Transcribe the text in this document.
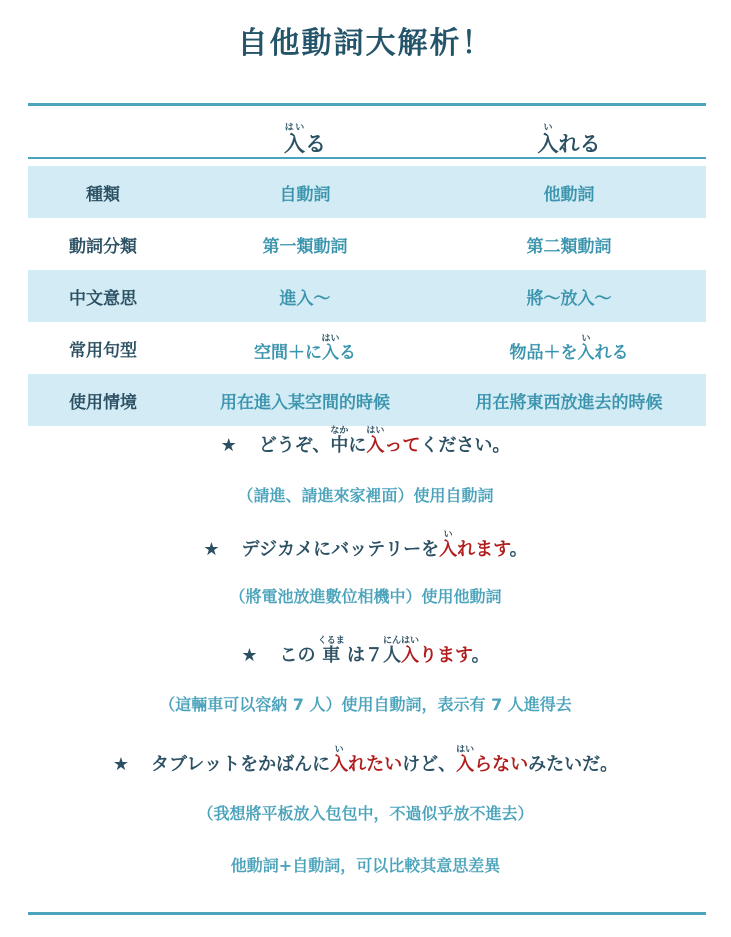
自他動詞大解析！
	入はいる	入いれる
種類	自動詞	他動詞
動詞分類	第一類動詞	第二類動詞
中文意思	進入～	將～放入～
常用句型	空間＋に入はいる	物品＋を入いれる
使用情境	用在進入某空間的時候	用在將東西放進去的時候
★ どうぞ、中なかに入はいってください。
（請進、請進來家裡面）使用自動詞
★ デジカメにバッテリーを入いれます。
（將電池放進數位相機中）使用他動詞
★ この 車くるま は７人にん入はいります。
（這輛車可以容納 7 人）使用自動詞，表示有 7 人進得去
★ タブレットをかばんに入いれたいけど、入はいらないみたいだ。
（我想將平板放入包包中，不過似乎放不進去）
他動詞+自動詞，可以比較其意思差異
